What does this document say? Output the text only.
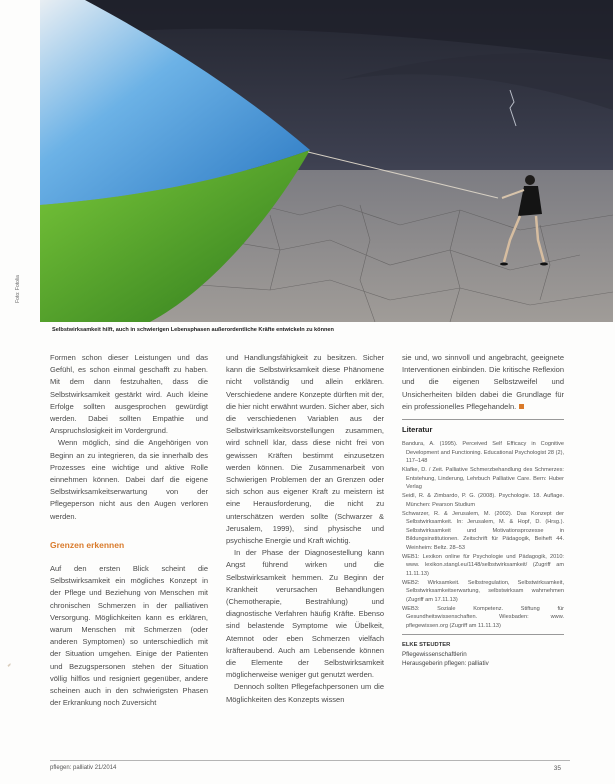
Foto: Fotolia
Selbstwirksamkeit hilft, auch in schwierigen Lebensphasen außerordentliche Kräfte entwickeln zu können

Formen schon dieser Leistungen und das Gefühl, es schon einmal geschafft zu haben. Mit dem dann festzuhalten, dass die Selbstwirksamkeit gestärkt wird. Auch kleine Erfolge sollten ausgesprochen gewürdigt werden. Dabei sollten Empathie und Anspruchslosigkeit im Vordergrund.

Wenn möglich, sind die Angehörigen von Beginn an zu integrieren, da sie innerhalb des Prozesses eine wichtige und aktive Rolle einnehmen können. Dabei darf die eigene Selbstwirksamkeitserwartung von der Pflegeperson nicht aus den Augen verloren werden.

Grenzen erkennen

Auf den ersten Blick scheint die Selbstwirksamkeit ein mögliches Konzept in der Pflege und Beziehung von Menschen mit chronischen Schmerzen in der palliativen Versorgung. Möglichkeiten kann es erklären, warum Menschen mit Schmerzen (oder anderen Symptomen) so unterschiedlich mit der Situation umgehen. Einige der Patienten und Bezugspersonen stehen der Situation völlig hilflos und resigniert gegenüber, andere scheinen auch in den schwierigsten Phasen der Erkrankung noch Zuversicht

und Handlungsfähigkeit zu besitzen. Sicher kann die Selbstwirksamkeit diese Phänomene nicht vollständig und allein erklären. Verschiedene andere Konzepte dürften mit der, die hier nicht erwähnt wurden. Sicher aber, sich die verschiedenen Variablen aus der Selbstwirksamkeitsvorstellungen zusammen, wird schnell klar, dass diese nicht frei von gewissen Kräften bestimmt einzusetzen werden können. Die Zusammenarbeit von Schwierigen Problemen der an Grenzen oder sich schon aus eigener Kraft zu meistern ist eine Herausforderung, die nicht zu unterschätzen werden sollte (Schwarzer & Jerusalem, 1999), sind physische und psychische Energie und Kraft wichtig.

In der Phase der Diagnosestellung kann Angst führend wirken und die Selbstwirksamkeit hemmen. Zu Beginn der Krankheit verursachen Behandlungen (Chemotherapie, Bestrahlung) und diagnostische Verfahren häufig Kräfte. Ebenso sind belastende Symptome wie Übelkeit, Atemnot oder eben Schmerzen vielfach kräfteraubend. Auch am Lebensende können die Elemente der Selbstwirksamkeit möglicherweise weniger gut genutzt werden.

Dennoch sollten Pflegefachpersonen um die Möglichkeiten des Konzepts wissen

sie und, wo sinnvoll und angebracht, geeignete Interventionen einbinden. Die kritische Reflexion und die eigenen Selbstzweifel und Unsicherheiten bilden dabei die Grundlage für ein professionelles Pflegehandeln.

Literatur
Bandura, A. (1995). Perceived Self Efficacy in Cognitive Development and Functioning. Educational Psychologist 28 (2), 117–148
Klafke, D. / Zeit. Palliative Schmerzbehandlung des Schmerzes: Entstehung, Linderung, Lehrbuch Palliative Care. Bern: Huber Verlag
Seidl, R. & Zimbardo, P. G. (2008). Psychologie. 18. Auflage. München: Pearson Studium
Schwarzer, R. & Jerusalem, M. (2002). Das Konzept der Selbstwirksamkeit. In: Jerusalem, M. & Hopf, D. (Hrsg.). Selbstwirksamkeit und Motivationsprozesse in Bildungsinstitutionen. Zeitschrift für Pädagogik, Beiheft 44. Weinheim: Beltz. 28–53
WEB1: Lexikon online für Psychologie und Pädagogik, 2010: www. lexikon.stangl.eu/1148/selbstwirksamkeit/ (Zugriff am 11.11.13)
WEB2: Wirksamkeit. Selbstregulation, Selbstwirksamkeit, Selbstwirksamkeitserwartung, selbstwirksam wahrnehmen (Zugriff am 17.11.13)
WEB3: Soziale Kompetenz. Stiftung für Gesundheitswissenschaften. Wiesbaden: www. pflegewissen.org (Zugriff am 11.11.13)
ELKE STEUDTER
Pflegewissenschaftlerin
Herausgeberin pflegen: palliativ
✎
pflegen: palliativ 21/2014	35
